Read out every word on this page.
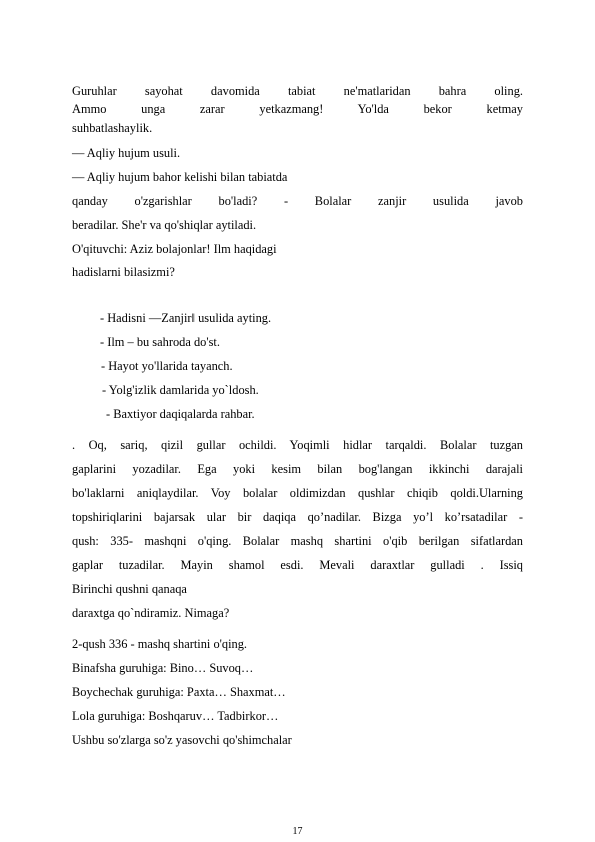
Guruhlar sayohat davomida tabiat ne'matlaridan bahra oling.
Ammo unga zarar yetkazmang! Yo'lda bekor ketmay
suhbatlashaylik.
— Aqliy hujum usuli.
— Aqliy hujum bahor kelishi bilan tabiatda
qanday o'zgarishlar bo'ladi? - Bolalar zanjir usulida javob
beradilar. She'r va qo'shiqlar aytiladi.
O'qituvchi: Aziz bolajonlar! Ilm haqidagi
hadislarni bilasizmi?
- Hadisni ―Zanjir‖ usulida ayting.
- Ilm – bu sahroda do'st.
- Hayot yo'llarida tayanch.
- Yolg'izlik damlarida yo`ldosh.
- Baxtiyor daqiqalarda rahbar.
. Oq, sariq, qizil gullar ochildi. Yoqimli hidlar tarqaldi. Bolalar tuzgan
gaplarini yozadilar. Ega yoki kesim bilan bog'langan ikkinchi darajali
bo'laklarni aniqlaydilar. Voy bolalar oldimizdan qushlar chiqib qoldi.Ularning
topshiriqlarini bajarsak ular bir daqiqa qo’nadilar. Bizga yo’l ko’rsatadilar -
qush: 335- mashqni o'qing. Bolalar mashq shartini o'qib berilgan sifatlardan
gaplar tuzadilar. Mayin shamol esdi. Mevali daraxtlar gulladi . Issiq
Birinchi qushni qanaqa
daraxtga qo`ndiramiz. Nimaga?
2-qush 336 - mashq shartini o'qing.
Binafsha guruhiga: Bino… Suvoq…
Boychechak guruhiga: Paxta… Shaxmat…
Lola guruhiga: Boshqaruv… Tadbirkor…
Ushbu so'zlarga so'z yasovchi qo'shimchalar
17
